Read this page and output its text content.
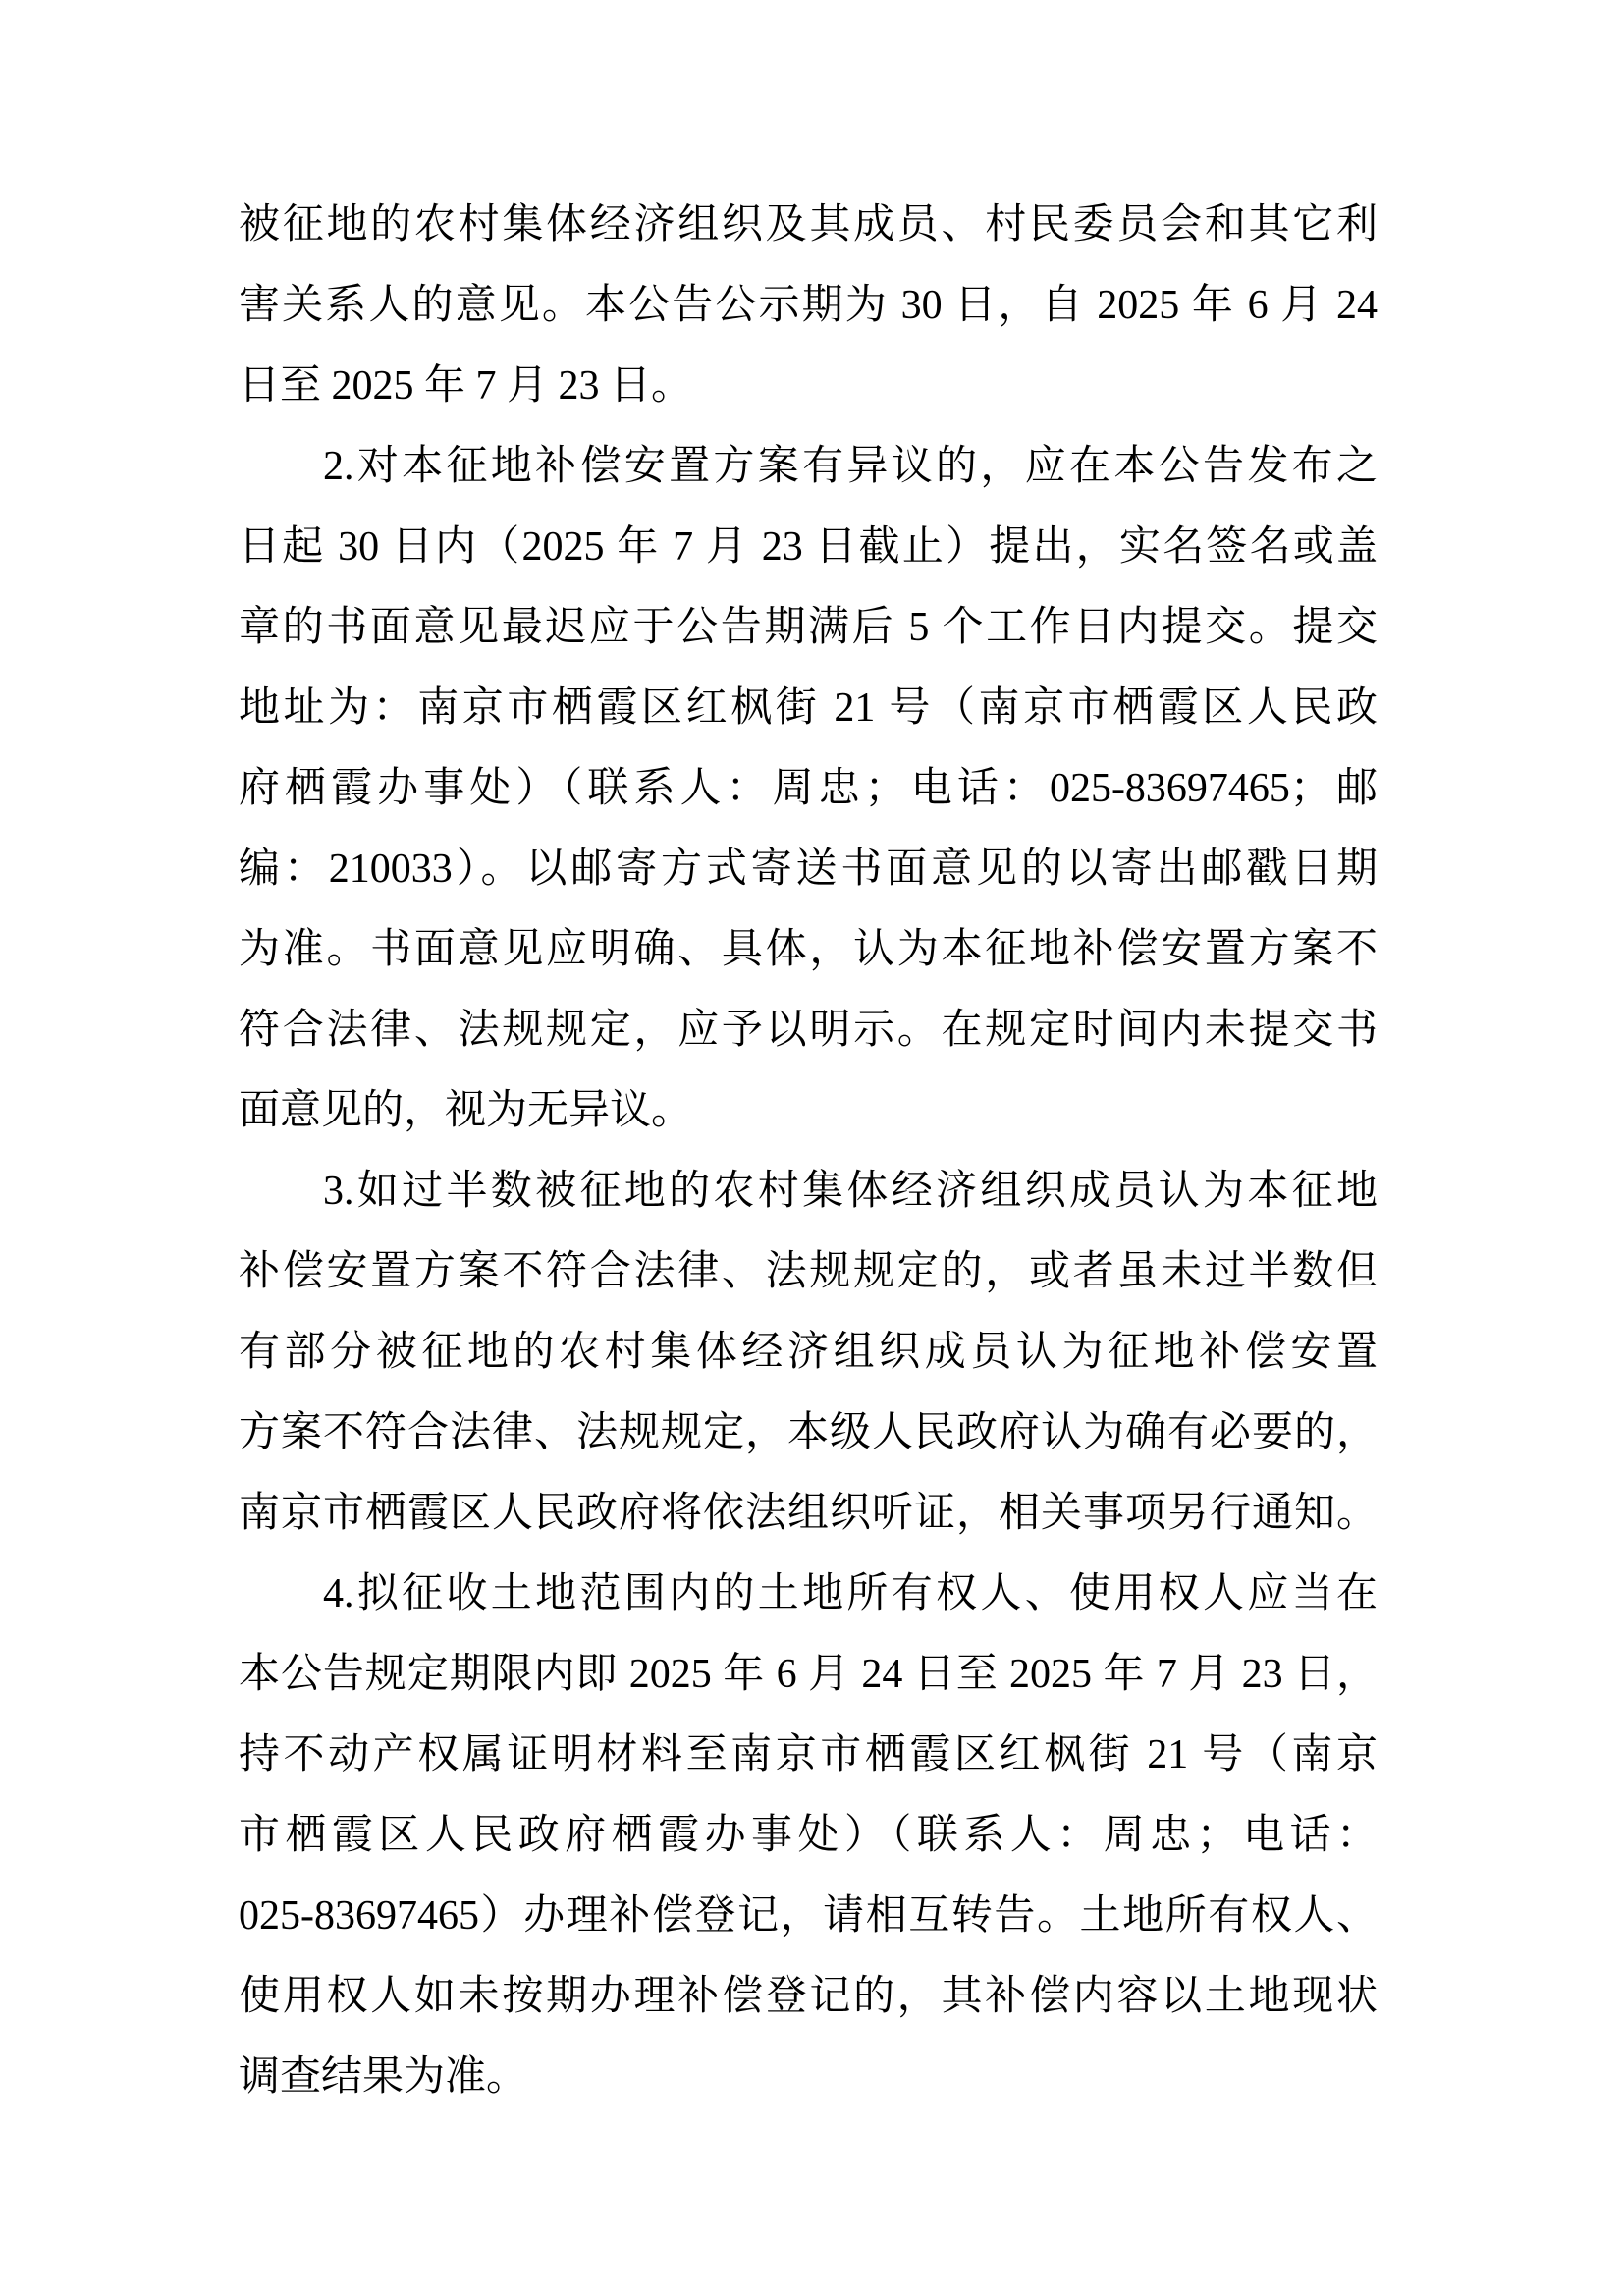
被征地的农村集体经济组织及其成员、村民委员会和其它利
害关系人的意见。本公告公示期为 30 日，自 2025 年 6 月 24
日至 2025 年 7 月 23 日。
2.对本征地补偿安置方案有异议的，应在本公告发布之
日起 30 日内（2025 年 7 月 23 日截止）提出，实名签名或盖
章的书面意见最迟应于公告期满后 5 个工作日内提交。提交
地址为：南京市栖霞区红枫街 21 号（南京市栖霞区人民政
府栖霞办事处）（联系人：周忠；电话：025-83697465；邮
编：210033）。以邮寄方式寄送书面意见的以寄出邮戳日期
为准。书面意见应明确、具体，认为本征地补偿安置方案不
符合法律、法规规定，应予以明示。在规定时间内未提交书
面意见的，视为无异议。
3.如过半数被征地的农村集体经济组织成员认为本征地
补偿安置方案不符合法律、法规规定的，或者虽未过半数但
有部分被征地的农村集体经济组织成员认为征地补偿安置
方案不符合法律、法规规定，本级人民政府认为确有必要的，
南京市栖霞区人民政府将依法组织听证，相关事项另行通知。
4.拟征收土地范围内的土地所有权人、使用权人应当在
本公告规定期限内即 2025 年 6 月 24 日至 2025 年 7 月 23 日，
持不动产权属证明材料至南京市栖霞区红枫街 21 号（南京
市栖霞区人民政府栖霞办事处）（联系人：周忠；电话：
025-83697465）办理补偿登记，请相互转告。土地所有权人、
使用权人如未按期办理补偿登记的，其补偿内容以土地现状
调查结果为准。
